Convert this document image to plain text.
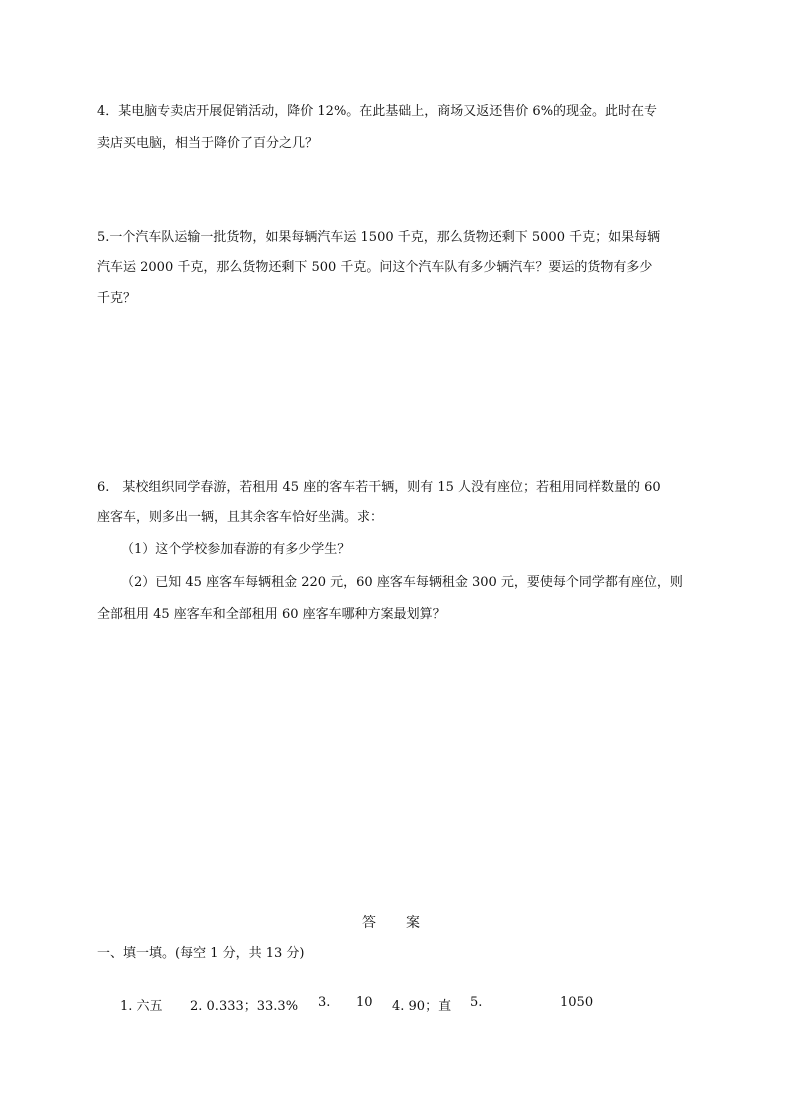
4．某电脑专卖店开展促销活动，降价 12%。在此基础上，商场又返还售价 6%的现金。此时在专
卖店买电脑，相当于降价了百分之几？
5.一个汽车队运输一批货物，如果每辆汽车运 1500 千克，那么货物还剩下 5000 千克；如果每辆
汽车运 2000 千克，那么货物还剩下 500 千克。问这个汽车队有多少辆汽车？要运的货物有多少
千克？
6.　某校组织同学春游，若租用 45 座的客车若干辆，则有 15 人没有座位；若租用同样数量的 60
座客车，则多出一辆，且其余客车恰好坐满。求：
（1）这个学校参加春游的有多少学生？
（2）已知 45 座客车每辆租金 220 元，60 座客车每辆租金 300 元，要使每个同学都有座位，则
全部租用 45 座客车和全部租用 60 座客车哪种方案最划算？
答　案
一、填一填。(每空 1 分，共 13 分)
1. 六五 2. 0.333；33.3% 3. 10 4. 90；直 5.	1050
